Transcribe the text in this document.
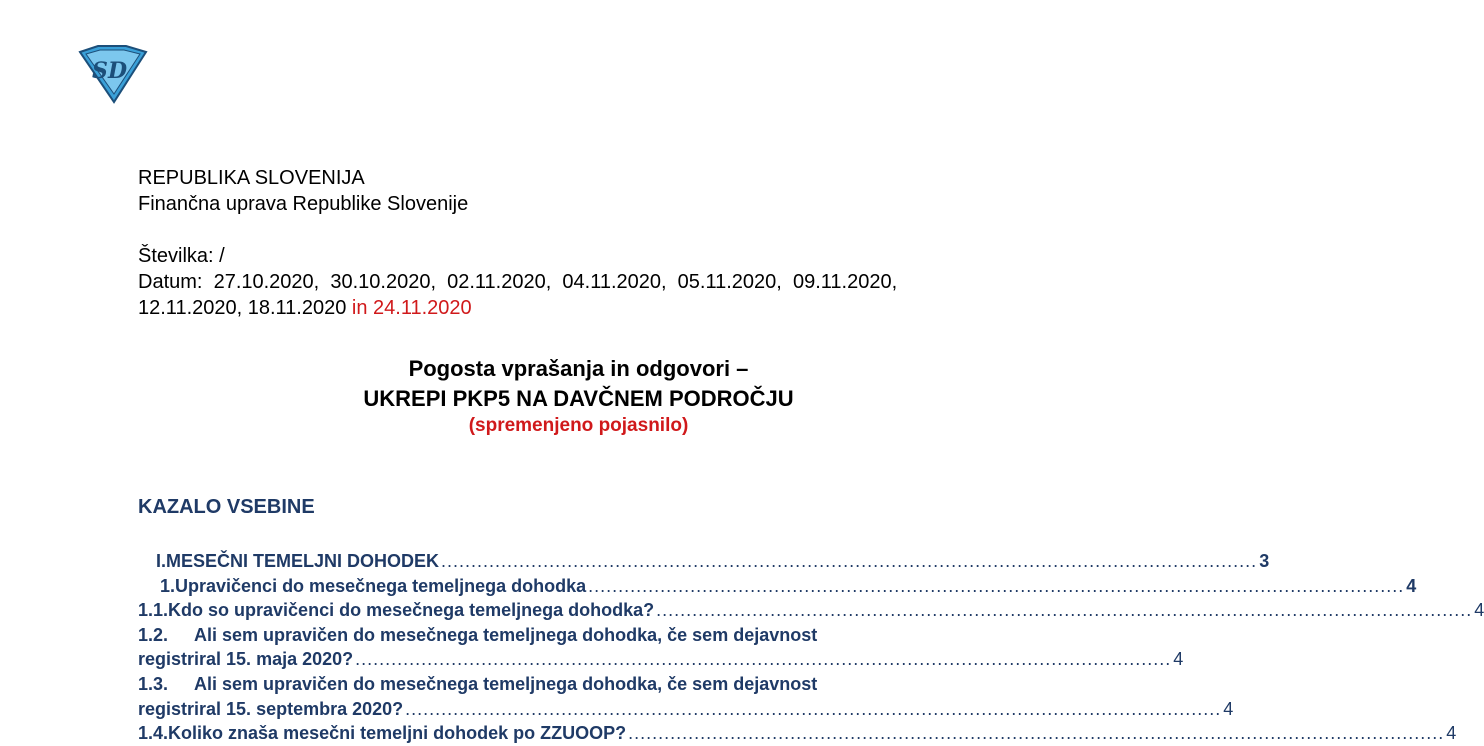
S D
REPUBLIKA SLOVENIJA
Finančna uprava Republike Slovenije
Številka: /
Datum:  27.10.2020,  30.10.2020,  02.11.2020,  04.11.2020,  05.11.2020,  09.11.2020,
12.11.2020, 18.11.2020 in 24.11.2020
Pogosta vprašanja in odgovori –
UKREPI PKP5 NA DAVČNEM PODROČJU
(spremenjeno pojasnilo)
KAZALO VSEBINE
I. MESEČNI TEMELJNI DOHODEK ........................................................................................................................................ 3
1. Upravičenci do mesečnega temeljnega dohodka ........................................................................................................................................ 4
1.1. Kdo so upravičenci do mesečnega temeljnega dohodka? ........................................................................................................................................ 4
1.2.	Ali sem upravičen do mesečnega temeljnega dohodka, če sem dejavnost
registriral 15. maja 2020? ........................................................................................................................................ 4
1.3.	Ali sem upravičen do mesečnega temeljnega dohodka, če sem dejavnost
registriral 15. septembra 2020? ........................................................................................................................................ 4
1.4. Koliko znaša mesečni temeljni dohodek po ZZUOOP? ........................................................................................................................................ 4
